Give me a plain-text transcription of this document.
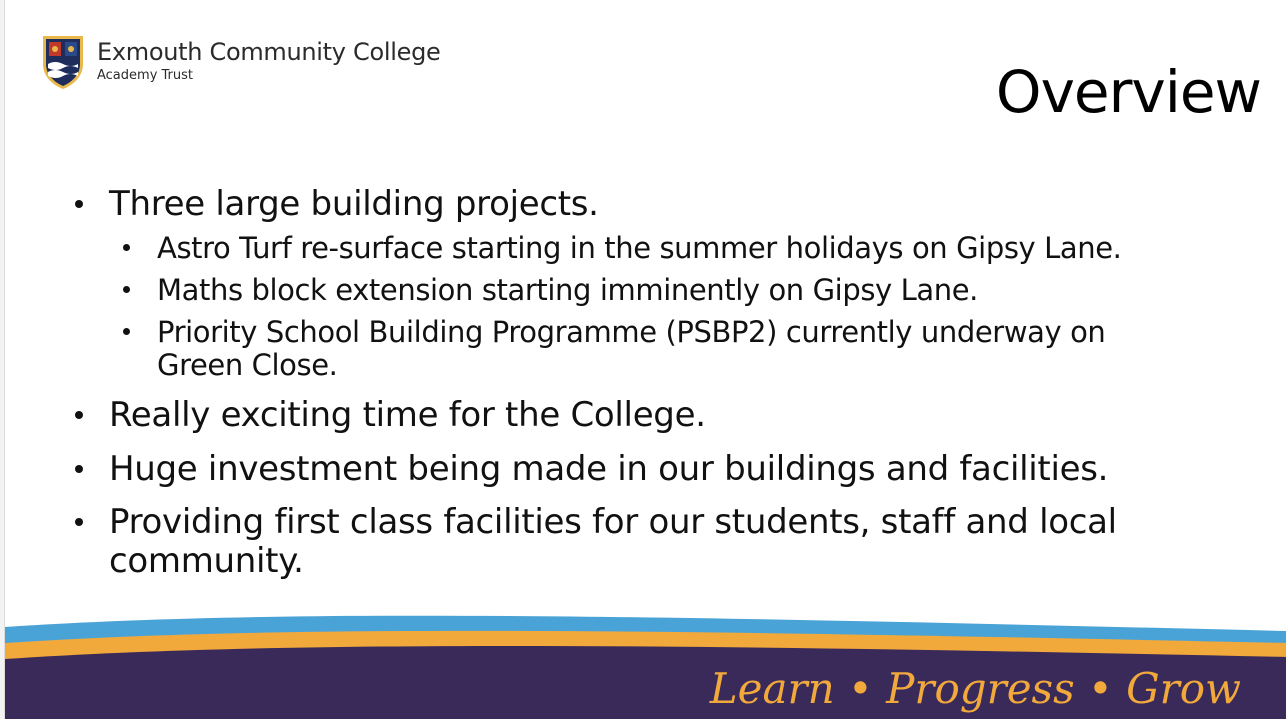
Exmouth Community College
Academy Trust	Overview
Three large building projects.
Astro Turf re-surface starting in the summer holidays on Gipsy Lane.
Maths block extension starting imminently on Gipsy Lane.
Priority School Building Programme (PSBP2) currently underway on
Green Close.
Really exciting time for the College.
Huge investment being made in our buildings and facilities.
Providing first class facilities for our students, staff and local
community.
Learn • Progress • Grow
